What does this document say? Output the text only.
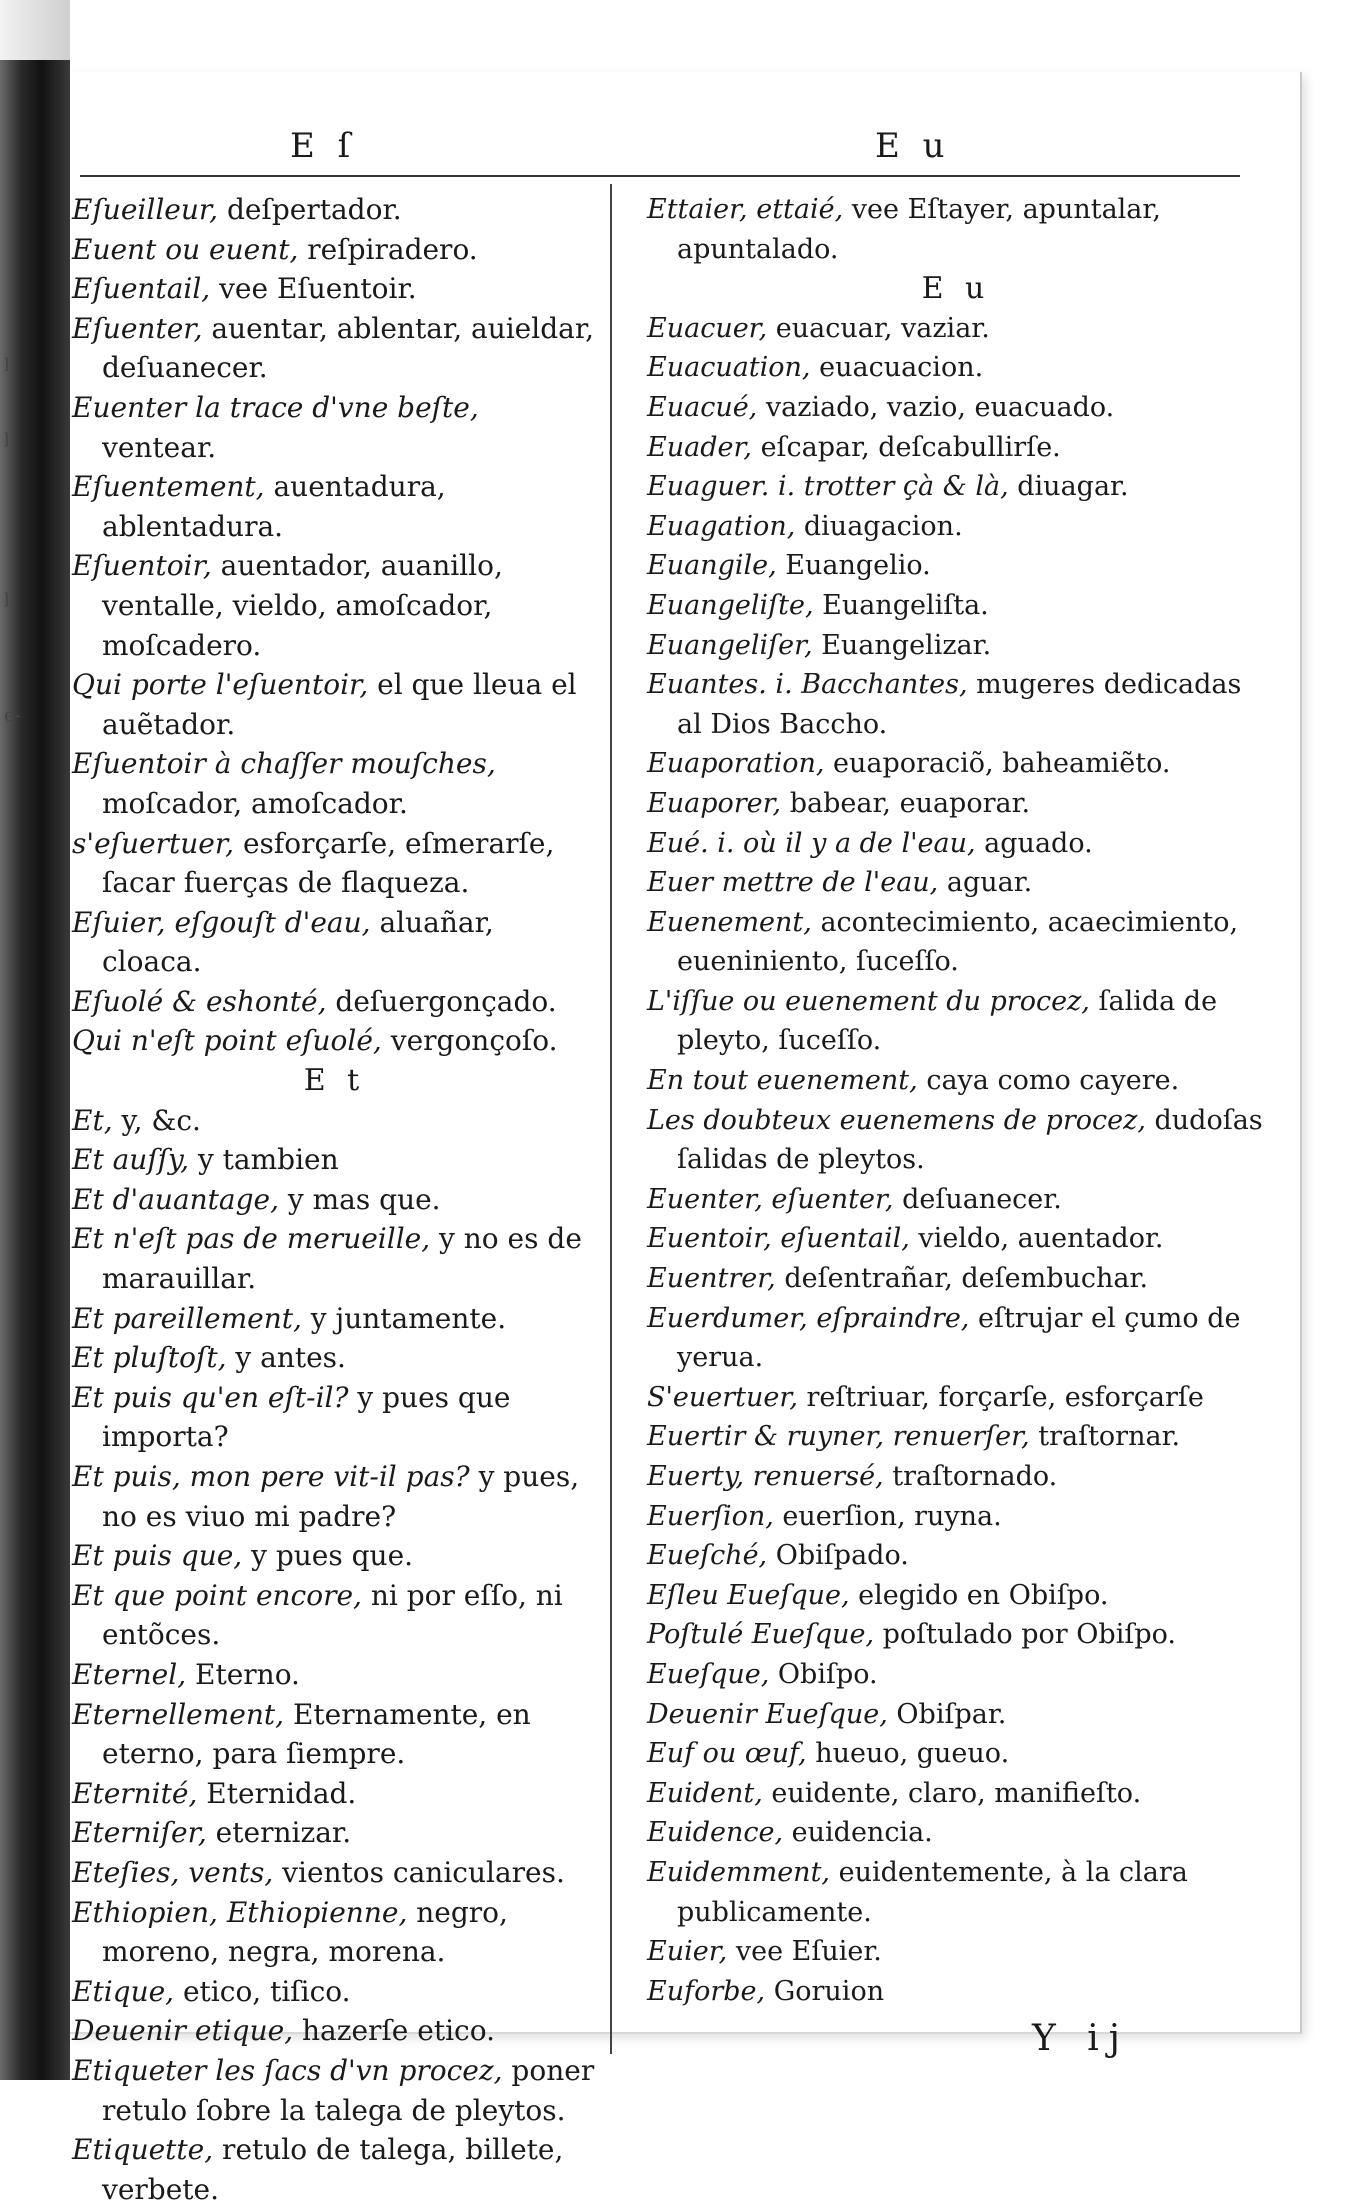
l-
l.
l-
e-
E ſ	E u
Eſueilleur, deſpertador.
Euent ou euent, reſpiradero.
Eſuentail, vee Eſuentoir.
Eſuenter, auentar, ablentar, auieldar, deſuanecer.
Euenter la trace d'vne beſte, ventear.
Eſuentement, auentadura, ablentadura.
Eſuentoir, auentador, auanillo, ventalle, vieldo, amoſcador, moſcadero.
Qui porte l'eſuentoir, el que lleua el auẽtador.
Eſuentoir à chaſſer mouſches, moſcador, amoſcador.
s'eſuertuer, esforçarſe, eſmerarſe, ſacar fuerças de flaqueza.
Eſuier, eſgouſt d'eau, aluañar, cloaca.
Eſuolé & eshonté, deſuergonçado.
Qui n'eſt point eſuolé, vergonçoſo.
E t
Et, y, &c.
Et auſſy, y tambien
Et d'auantage, y mas que.
Et n'eſt pas de merueille, y no es de marauillar.
Et pareillement, y juntamente.
Et pluſtoſt, y antes.
Et puis qu'en eſt-il? y pues que importa?
Et puis, mon pere vit-il pas? y pues, no es viuo mi padre?
Et puis que, y pues que.
Et que point encore, ni por eſſo, ni entõces.
Eternel, Eterno.
Eternellement, Eternamente, en eterno, para ſiempre.
Eternité, Eternidad.
Eterniſer, eternizar.
Eteſies, vents, vientos caniculares.
Ethiopien, Ethiopienne, negro, moreno, negra, morena.
Etique, etico, tiſico.
Deuenir etique, hazerſe etico.
Etiqueter les ſacs d'vn procez, poner retulo ſobre la talega de pleytos.
Etiquette, retulo de talega, billete, verbete.
Ettaier, ettaié, vee Eſtayer, apuntalar, apuntalado.
E u
Euacuer, euacuar, vaziar.
Euacuation, euacuacion.
Euacué, vaziado, vazio, euacuado.
Euader, eſcapar, deſcabullirſe.
Euaguer. i. trotter çà & là, diuagar.
Euagation, diuagacion.
Euangile, Euangelio.
Euangeliſte, Euangeliſta.
Euangeliſer, Euangelizar.
Euantes. i. Bacchantes, mugeres dedicadas al Dios Baccho.
Euaporation, euaporaciõ, baheamiẽto.
Euaporer, babear, euaporar.
Eué. i. où il y a de l'eau, aguado.
Euer mettre de l'eau, aguar.
Euenement, acontecimiento, acaecimiento, eueniniento, ſuceſſo.
L'iſſue ou euenement du procez, ſalida de pleyto, ſuceſſo.
En tout euenement, caya como cayere.
Les doubteux euenemens de procez, dudoſas ſalidas de pleytos.
Euenter, eſuenter, deſuanecer.
Euentoir, eſuentail, vieldo, auentador.
Euentrer, deſentrañar, deſembuchar.
Euerdumer, eſpraindre, eſtrujar el çumo de yerua.
S'euertuer, reſtriuar, forçarſe, esforçarſe
Euertir & ruyner, renuerſer, traſtornar.
Euerty, renuersé, traſtornado.
Euerſion, euerſion, ruyna.
Eueſché, Obiſpado.
Eſleu Eueſque, elegido en Obiſpo.
Poſtulé Eueſque, poſtulado por Obiſpo.
Eueſque, Obiſpo.
Deuenir Eueſque, Obiſpar.
Euf ou œuf, hueuo, gueuo.
Euident, euidente, claro, manifieſto.
Euidence, euidencia.
Euidemment, euidentemente, à la clara publicamente.
Euier, vee Eſuier.
Euforbe, Goruion
Y ij
